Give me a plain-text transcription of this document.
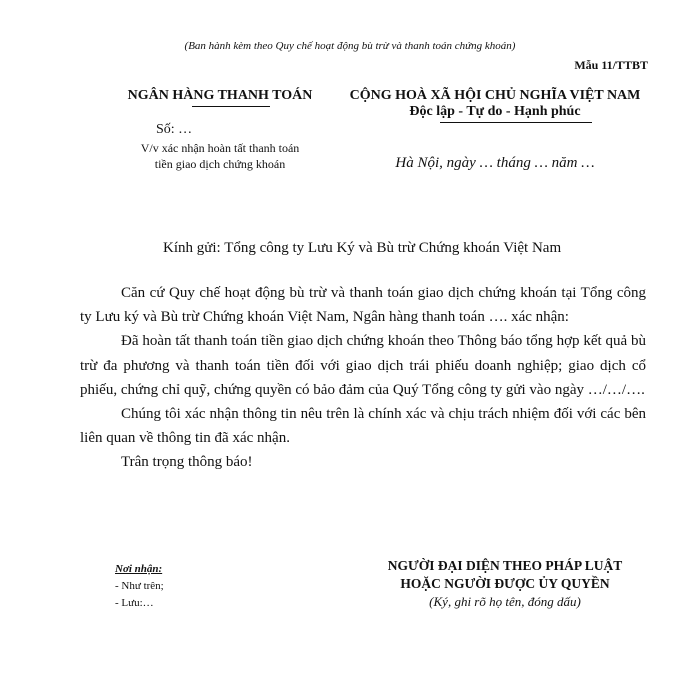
(Ban hành kèm theo Quy chế hoạt động bù trừ và thanh toán chứng khoán)
Mẫu 11/TTBT
NGÂN HÀNG THANH TOÁN
Số: …
V/v xác nhận hoàn tất thanh toán
tiền giao dịch chứng khoán
CỘNG HOÀ XÃ HỘI CHỦ NGHĨA VIỆT NAM
Độc lập - Tự do - Hạnh phúc
Hà Nội, ngày … tháng … năm …
Kính gửi: Tổng công ty Lưu Ký và Bù trừ Chứng khoán Việt Nam

Căn cứ Quy chế hoạt động bù trừ và thanh toán giao dịch chứng khoán tại Tổng công ty Lưu ký và Bù trừ Chứng khoán Việt Nam, Ngân hàng thanh toán …. xác nhận:

Đã hoàn tất thanh toán tiền giao dịch chứng khoán theo Thông báo tổng hợp kết quả bù trừ đa phương và thanh toán tiền đối với giao dịch trái phiếu doanh nghiệp; giao dịch cổ phiếu, chứng chỉ quỹ, chứng quyền có bảo đảm của Quý Tổng công ty gửi vào ngày …/…/….

Chúng tôi xác nhận thông tin nêu trên là chính xác và chịu trách nhiệm đối với các bên liên quan về thông tin đã xác nhận.

Trân trọng thông báo!

Nơi nhận:
- Như trên;
- Lưu:…
NGƯỜI ĐẠI DIỆN THEO PHÁP LUẬT
HOẶC NGƯỜI ĐƯỢC ỦY QUYỀN
(Ký, ghi rõ họ tên, đóng dấu)
